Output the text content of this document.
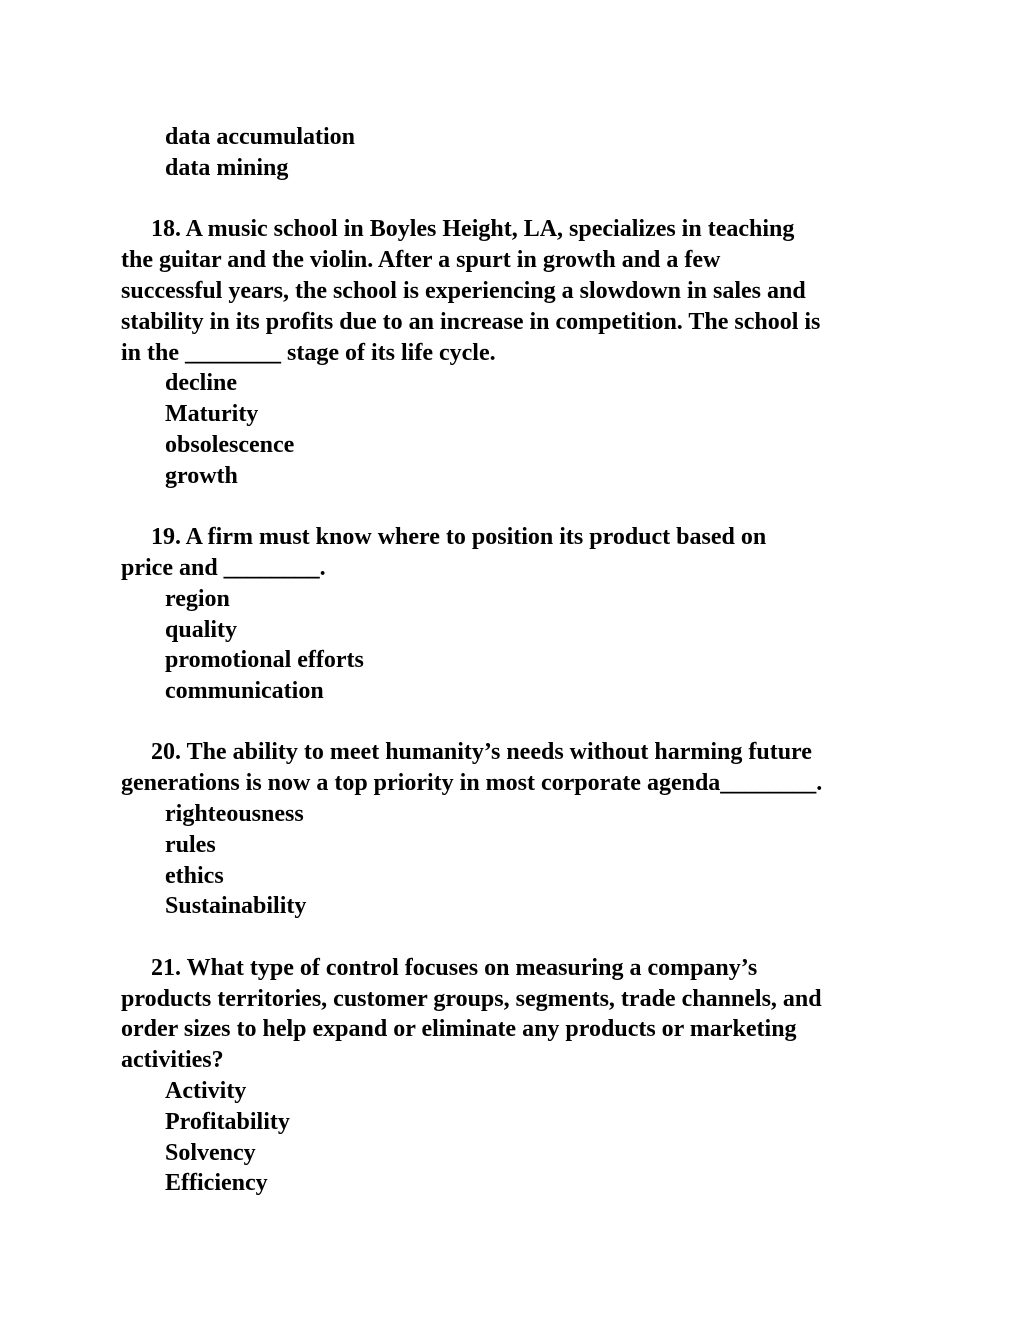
data accumulation
data mining
18. A music school in Boyles Height, LA, specializes in teaching
the guitar and the violin. After a spurt in growth and a few
successful years, the school is experiencing a slowdown in sales and
stability in its profits due to an increase in competition. The school is
in the ________ stage of its life cycle.
decline
Maturity
obsolescence
growth
19. A firm must know where to position its product based on
price and ________.
region
quality
promotional efforts
communication
20. The ability to meet humanity’s needs without harming future
generations is now a top priority in most corporate agenda________.
righteousness
rules
ethics
Sustainability
21. What type of control focuses on measuring a company’s
products territories, customer groups, segments, trade channels, and
order sizes to help expand or eliminate any products or marketing
activities?
Activity
Profitability
Solvency
Efficiency
